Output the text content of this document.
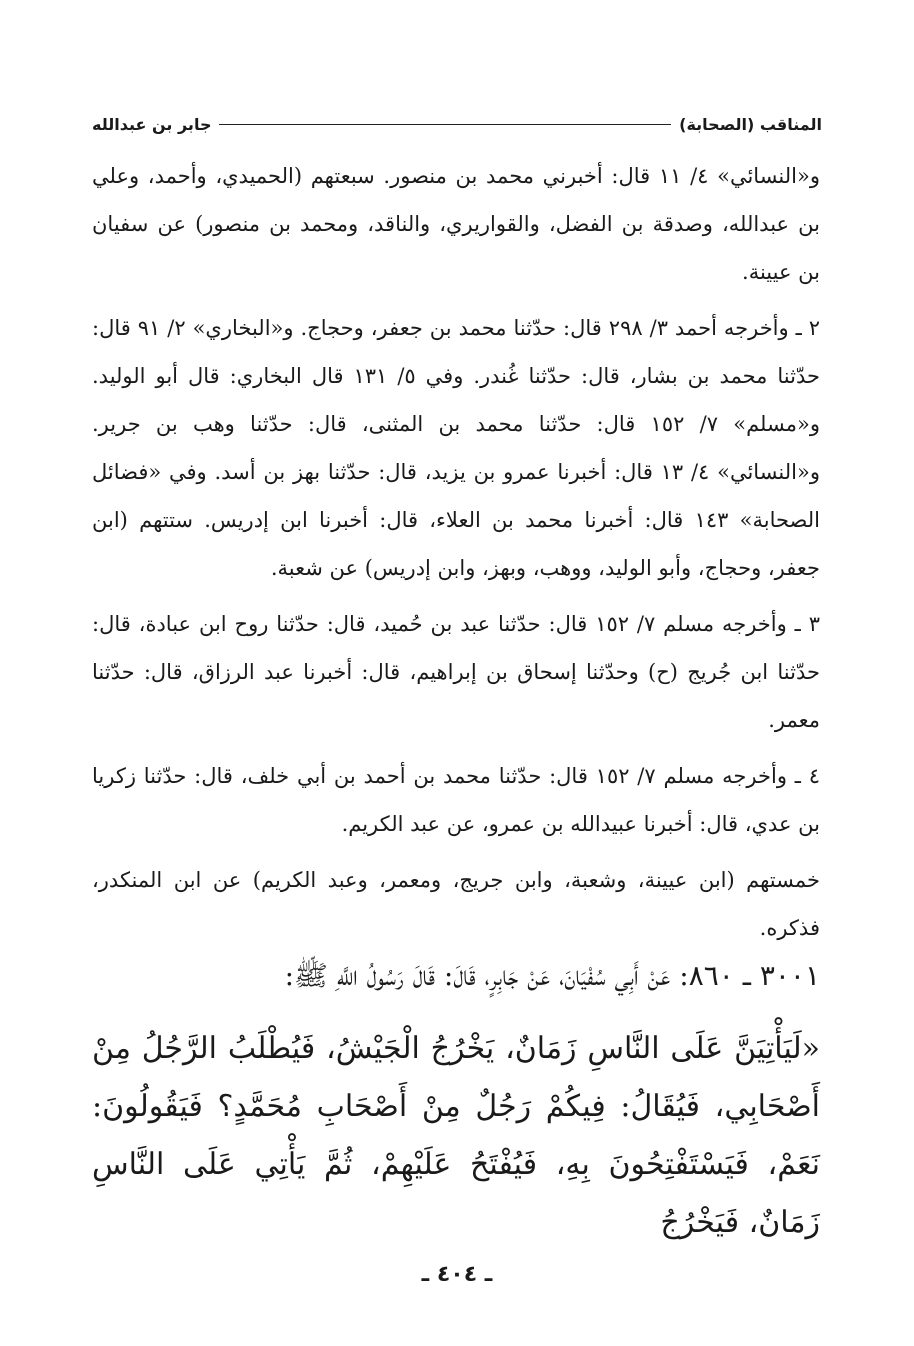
المناقب (الصحابة)
جابر بن عبدالله

و«النسائي» ٤/ ١١ قال: أخبرني محمد بن منصور. سبعتهم (الحميدي، وأحمد، وعلي بن عبدالله، وصدقة بن الفضل، والقواريري، والناقد، ومحمد بن منصور) عن سفيان بن عيينة.

٢ ـ وأخرجه أحمد ٣/ ٢٩٨ قال: حدّثنا محمد بن جعفر، وحجاج. و«البخاري» ٢/ ٩١ قال: حدّثنا محمد بن بشار، قال: حدّثنا غُندر. وفي ٥/ ١٣١ قال البخاري: قال أبو الوليد. و«مسلم» ٧/ ١٥٢ قال: حدّثنا محمد بن المثنى، قال: حدّثنا وهب بن جرير. و«النسائي» ٤/ ١٣ قال: أخبرنا عمرو بن يزيد، قال: حدّثنا بهز بن أسد. وفي «فضائل الصحابة» ١٤٣ قال: أخبرنا محمد بن العلاء، قال: أخبرنا ابن إدريس. ستتهم (ابن جعفر، وحجاج، وأبو الوليد، ووهب، وبهز، وابن إدريس) عن شعبة.

٣ ـ وأخرجه مسلم ٧/ ١٥٢ قال: حدّثنا عبد بن حُميد، قال: حدّثنا روح ابن عبادة، قال: حدّثنا ابن جُريج (ح) وحدّثنا إسحاق بن إبراهيم، قال: أخبرنا عبد الرزاق، قال: حدّثنا معمر.

٤ ـ وأخرجه مسلم ٧/ ١٥٢ قال: حدّثنا محمد بن أحمد بن أبي خلف، قال: حدّثنا زكريا بن عدي، قال: أخبرنا عبيدالله بن عمرو، عن عبد الكريم.

خمستهم (ابن عيينة، وشعبة، وابن جريج، ومعمر، وعبد الكريم) عن ابن المنكدر، فذكره.

٣٠٠١ ـ ٨٦٠: عَنْ أَبِي سُفْيَانَ، عَنْ جَابِرٍ، قَالَ: قَالَ رَسُولُ اللَّهِ ﷺ:

«لَيَأْتِيَنَّ عَلَى النَّاسِ زَمَانٌ، يَخْرُجُ الْجَيْشُ، فَيُطْلَبُ الرَّجُلُ مِنْ أَصْحَابِي، فَيُقَالُ: فِيكُمْ رَجُلٌ مِنْ أَصْحَابِ مُحَمَّدٍ؟ فَيَقُولُونَ: نَعَمْ، فَيَسْتَفْتِحُونَ بِهِ، فَيُفْتَحُ عَلَيْهِمْ، ثُمَّ يَأْتِي عَلَى النَّاسِ زَمَانٌ، فَيَخْرُجُ

ـ ٤٠٤ ـ
